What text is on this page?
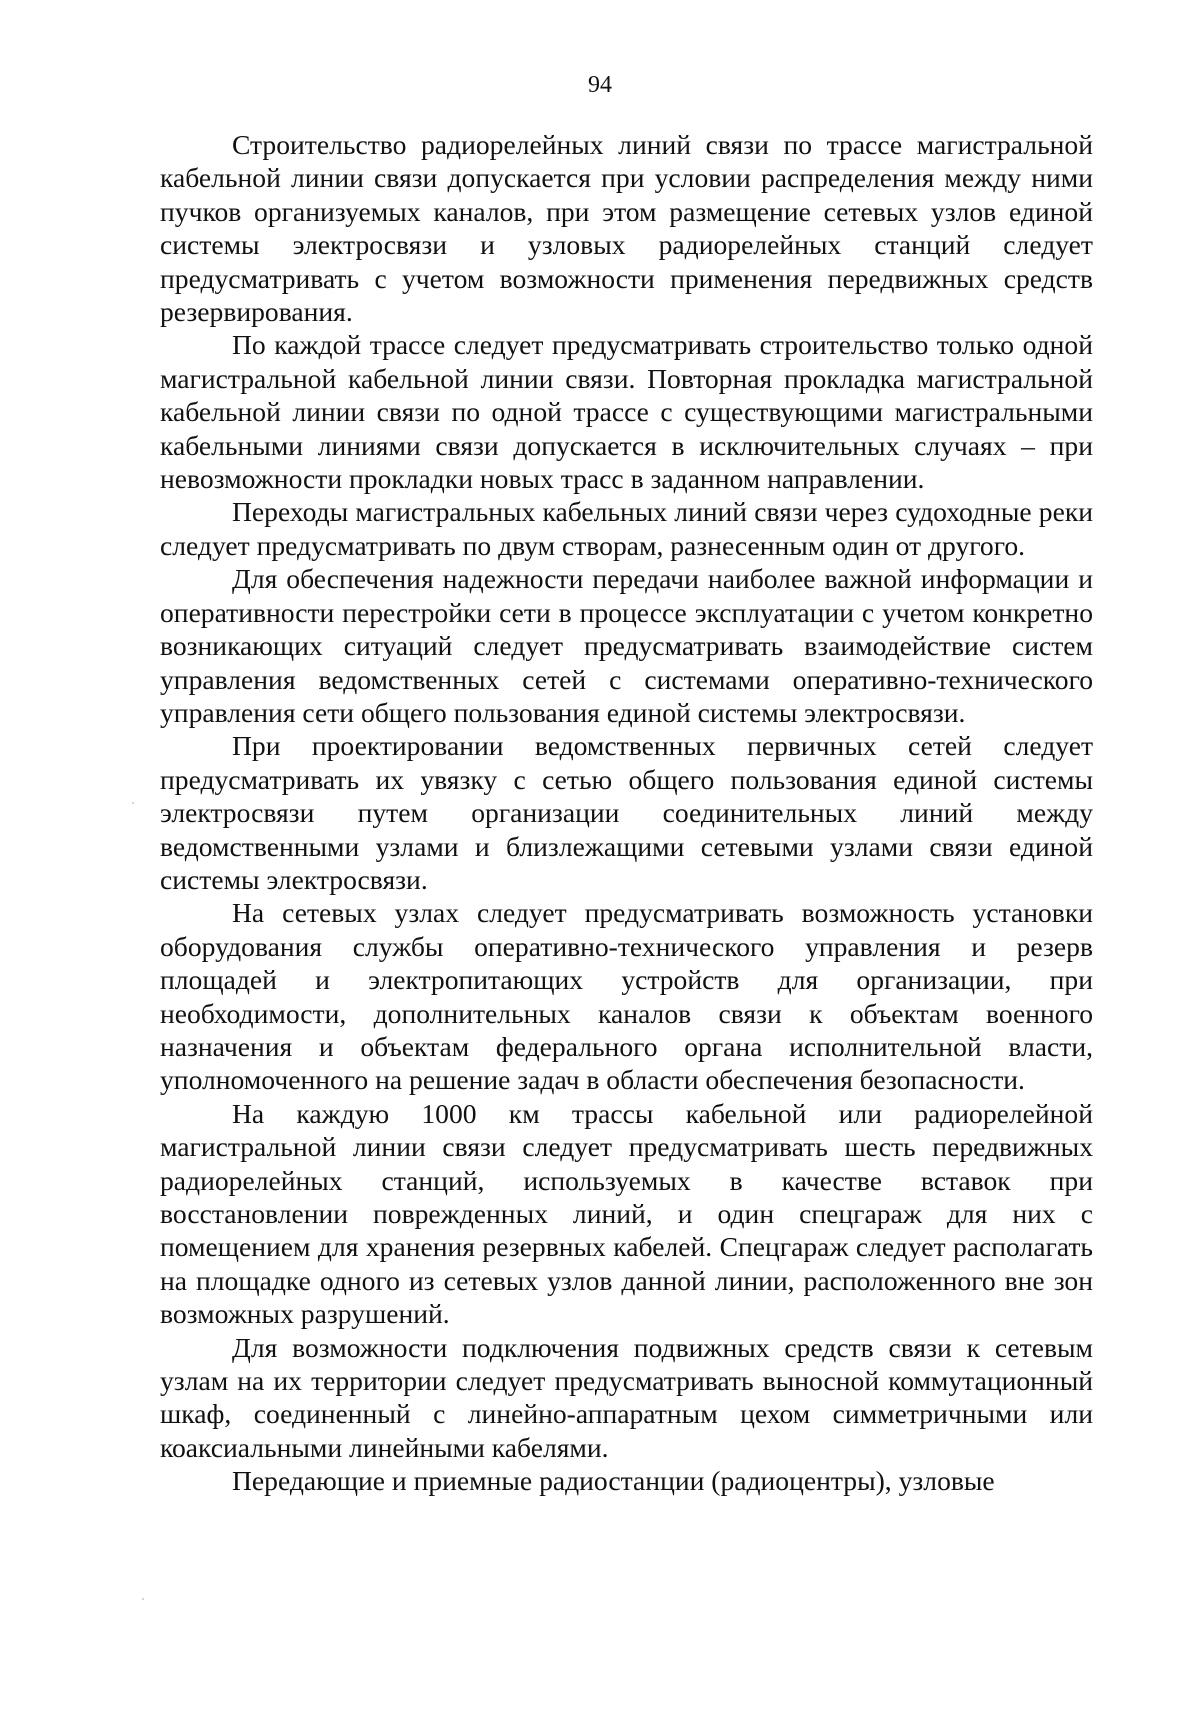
94

Строительство радиорелейных линий связи по трассе магистральной кабельной линии связи допускается при условии распределения между ними пучков организуемых каналов, при этом размещение сетевых узлов единой системы электросвязи и узловых радиорелейных станций следует предусматривать с учетом возможности применения передвижных средств резервирования.

По каждой трассе следует предусматривать строительство только одной магистральной кабельной линии связи. Повторная прокладка магистральной кабельной линии связи по одной трассе с существующими магистральными кабельными линиями связи допускается в исключительных случаях – при невозможности прокладки новых трасс в заданном направлении.

Переходы магистральных кабельных линий связи через судоходные реки следует предусматривать по двум створам, разнесенным один от другого.

Для обеспечения надежности передачи наиболее важной информации и оперативности перестройки сети в процессе эксплуатации с учетом конкретно возникающих ситуаций следует предусматривать взаимодействие систем управления ведомственных сетей с системами оперативно-технического управления сети общего пользования единой системы электросвязи.

При проектировании ведомственных первичных сетей следует предусматривать их увязку с сетью общего пользования единой системы электросвязи путем организации соединительных линий между ведомственными узлами и близлежащими сетевыми узлами связи единой системы электросвязи.

На сетевых узлах следует предусматривать возможность установки оборудования службы оперативно-технического управления и резерв площадей и электропитающих устройств для организации, при необходимости, дополнительных каналов связи к объектам военного назначения и объектам федерального органа исполнительной власти, уполномоченного на решение задач в области обеспечения безопасности.

На каждую 1000 км трассы кабельной или радиорелейной магистральной линии связи следует предусматривать шесть передвижных радиорелейных станций, используемых в качестве вставок при восстановлении поврежденных линий, и один спецгараж для них с помещением для хранения резервных кабелей. Спецгараж следует располагать на площадке одного из сетевых узлов данной линии, расположенного вне зон возможных разрушений.

Для возможности подключения подвижных средств связи к сетевым узлам на их территории следует предусматривать выносной коммутационный шкаф, соединенный с линейно-аппаратным цехом симметричными или коаксиальными линейными кабелями.

Передающие и приемные радиостанции (радиоцентры), узловые
